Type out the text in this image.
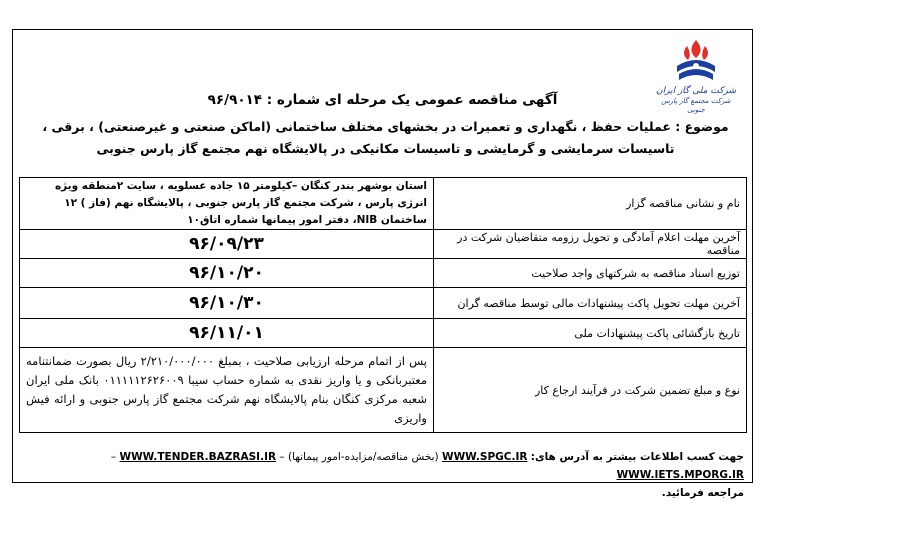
شرکت ملی گاز ایران
شرکت مجتمع گاز پارس جنوبی
آگهی مناقصه عمومی یک مرحله ای شماره : ۹۶/۹۰۱۴
موضوع : عملیات حفظ ، نگهداری و تعمیرات در بخشهای مختلف ساختمانی (اماکن صنعتی و غیرصنعتی) ، برقی ، تاسیسات سرمایشی و گرمایشی و تاسیسات مکانیکی در پالایشگاه نهم مجتمع گاز پارس جنوبی
نام و نشانی مناقصه گزار	استان بوشهر بندر کنگان –کیلومتر ۱۵ جاده عسلویه ، سایت ۲منطقه ویژه انرژی پارس ، شرکت مجتمع گاز پارس جنوبی ، پالایشگاه نهم (فاز ) ۱۲ ساختمان NIB، دفتر امور پیمانها شماره اتاق۱۰
آخرین مهلت اعلام آمادگی و تحویل رزومه متقاضیان شرکت در مناقصه	۹۶/۰۹/۲۳
توزیع اسناد مناقصه به شرکتهای واجد صلاحیت	۹۶/۱۰/۲۰
آخرین مهلت تحویل پاکت پیشنهادات مالی توسط مناقصه گران	۹۶/۱۰/۳۰
تاریخ بازگشائی پاکت پیشنهادات ملی	۹۶/۱۱/۰۱
نوع و مبلغ تضمین شرکت در فرآیند ارجاع کار	پس از اتمام مرحله ارزیابی صلاحیت ، بمبلغ ۲/۲۱۰/۰۰۰/۰۰۰ ریال بصورت ضمانتنامه معتبربانکی و یا واریز نقدی به شماره حساب سیبا ۰۱۱۱۱۱۲۶۲۶۰۰۹ بانک ملی ایران شعبه مرکزی کنگان بنام پالایشگاه نهم شرکت مجتمع گاز پارس جنوبی و ارائه فیش واریزی
جهت کسب اطلاعات بیشتر به آدرس های: WWW.SPGC.IR (بخش مناقصه/مزایده-امور پیمانها) – WWW.TENDER.BAZRASI.IR – WWW.IETS.MPORG.IR
مراجعه فرمائید.
